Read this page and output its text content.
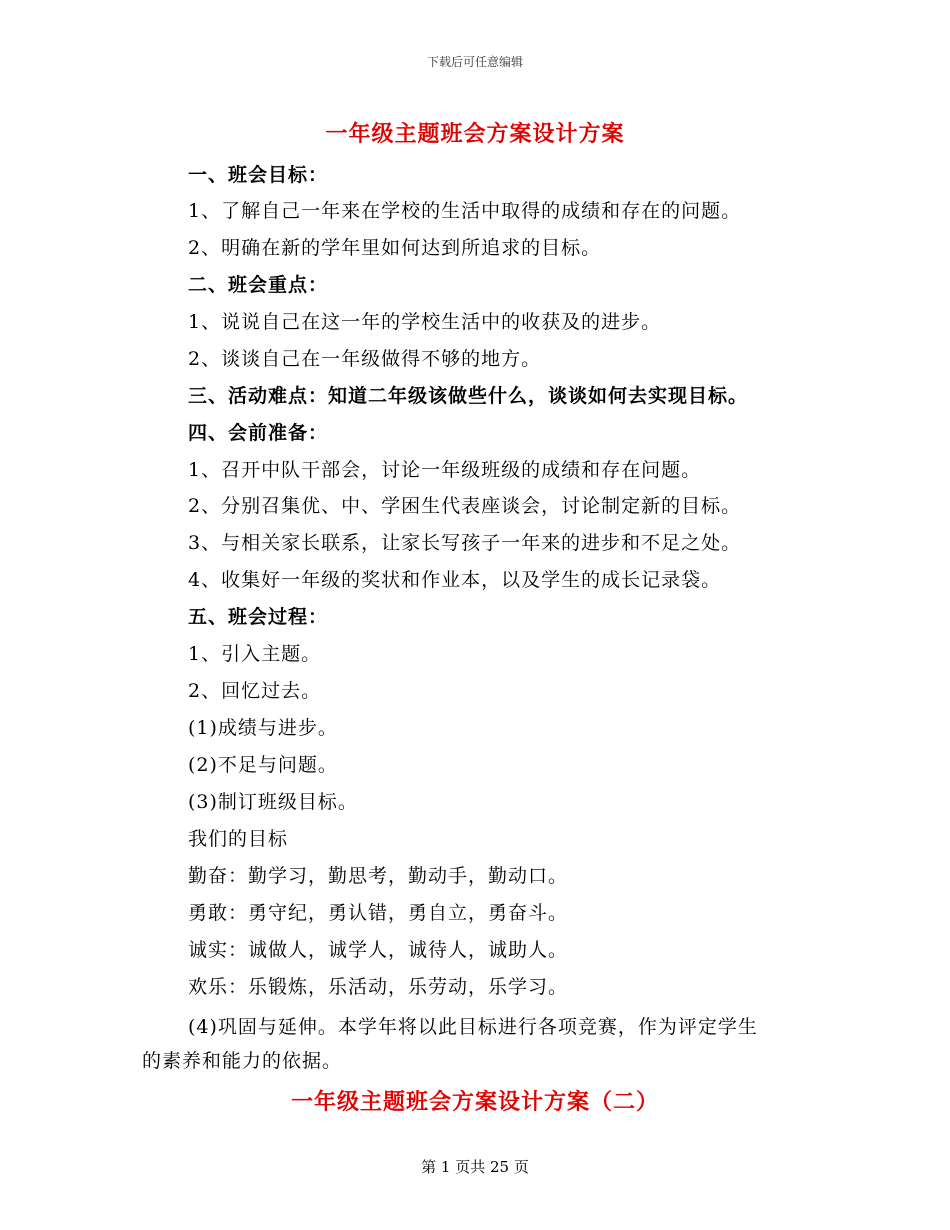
下载后可任意编辑
一年级主题班会方案设计方案
一、班会目标：
1、了解自己一年来在学校的生活中取得的成绩和存在的问题。
2、明确在新的学年里如何达到所追求的目标。
二、班会重点：
1、说说自己在这一年的学校生活中的收获及的进步。
2、谈谈自己在一年级做得不够的地方。
三、活动难点：知道二年级该做些什么，谈谈如何去实现目标。
四、会前准备：
1、召开中队干部会，讨论一年级班级的成绩和存在问题。
2、分别召集优、中、学困生代表座谈会，讨论制定新的目标。
3、与相关家长联系，让家长写孩子一年来的进步和不足之处。
4、收集好一年级的奖状和作业本，以及学生的成长记录袋。
五、班会过程：
1、引入主题。
2、回忆过去。
(1)成绩与进步。
(2)不足与问题。
(3)制订班级目标。
我们的目标
勤奋：勤学习，勤思考，勤动手，勤动口。
勇敢：勇守纪，勇认错，勇自立，勇奋斗。
诚实：诚做人，诚学人，诚待人，诚助人。
欢乐：乐锻炼，乐活动，乐劳动，乐学习。
(4)巩固与延伸。本学年将以此目标进行各项竞赛，作为评定学生
的素养和能力的依据。
一年级主题班会方案设计方案（二）
第 1 页共 25 页
